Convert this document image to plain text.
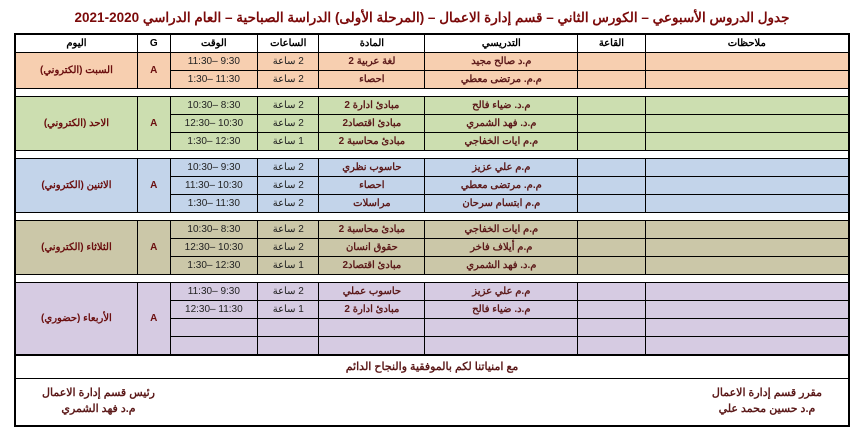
جدول الدروس الأسبوعي – الكورس الثاني – قسم إدارة الاعمال – (المرحلة الأولى) الدراسة الصباحية – العام الدراسي 2020-2021
ملاحظات	القاعة	التدريسي	المادة	الساعات	الوقت	G	اليوم
		م.د صالح مجيد	لغة عربية 2	2 ساعة	9:30 –11:30	A	السبت (الكتروني)
		م.م. مرتضى معطي	احصاء	2 ساعة	11:30 –1:30		

		م.د. ضياء فالح	مبادئ ادارة 2	2 ساعة	8:30 –10:30	A	الاحد (الكتروني)
		م.د. فهد الشمري	مبادئ اقتصاد2	2 ساعة	10:30 –12:30		
		م.م ايات الخفاجي	مبادئ محاسبة 2	1 ساعة	12:30 –1:30		

		م.م علي عزيز	حاسوب نظري	2 ساعة	9:30 –10:30	A	الاثنين (الكتروني)
		م.م. مرتضى معطي	احصاء	2 ساعة	10:30 –11:30		
		م.م ابتسام سرحان	مراسلات	2 ساعة	11:30 –1:30		

		م.م ايات الخفاجي	مبادئ محاسبة 2	2 ساعة	8:30 –10:30	A	الثلاثاء (الكتروني)
		م.م أيلاف فاخر	حقوق انسان	2 ساعة	10:30 –12:30		
		م.د. فهد الشمري	مبادئ اقتصاد2	1 ساعة	12:30 –1:30		

		م.م علي عزيز	حاسوب عملي	2 ساعة	9:30 –11:30	A	الأربعاء (حضوري)
		م.د. ضياء فالح	مبادئ ادارة 2	1 ساعة	11:30 –12:30		

مع امنياتنا لكم بالموفقية والنجاح الدائم
مقرر قسم إدارة الاعمال
م.د حسين محمد علي
رئيس قسم إدارة الاعمال
م.د فهد الشمري
